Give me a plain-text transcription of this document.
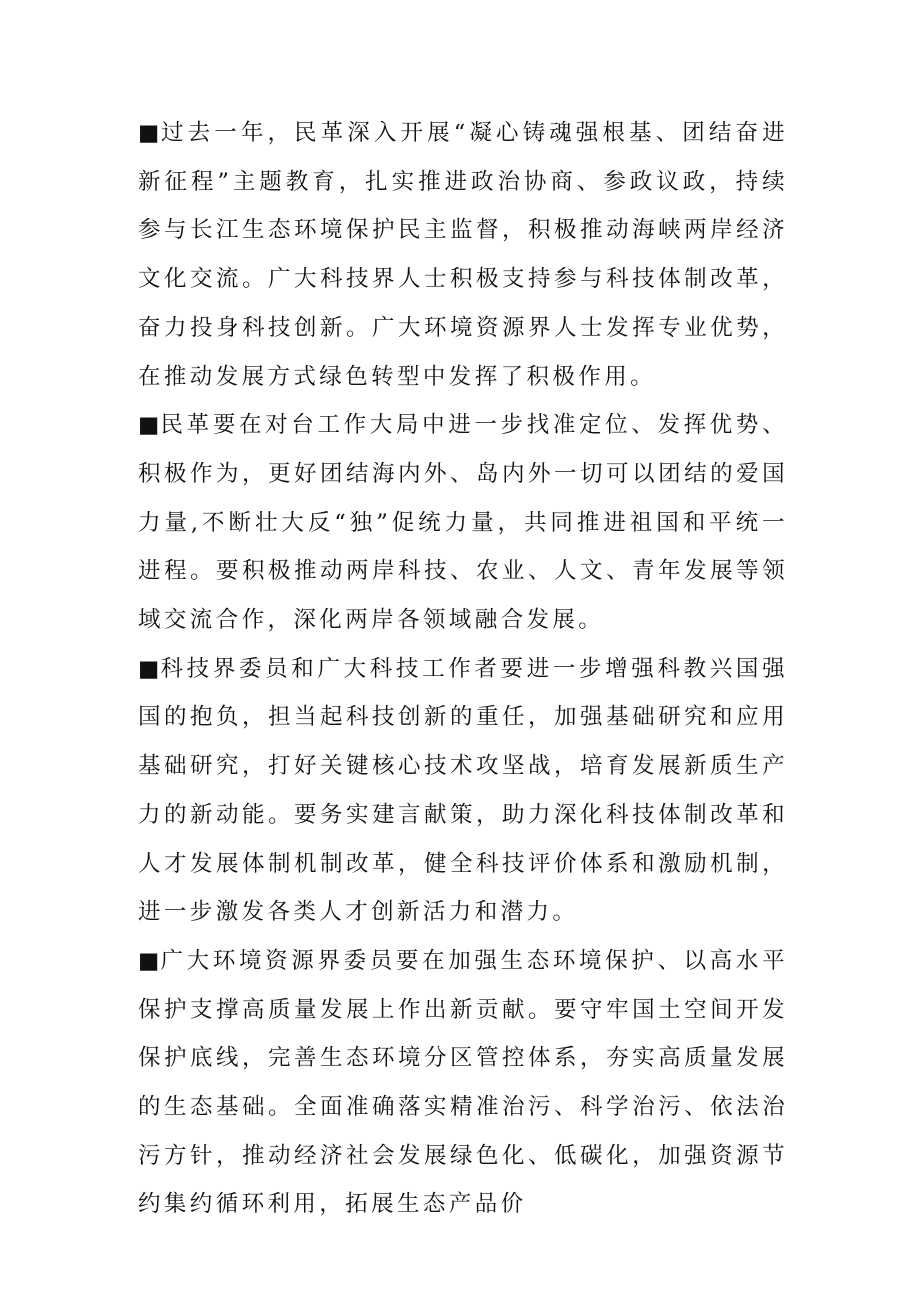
■过去一年，民革深入开展“凝心铸魂强根基、团结奋进新征程”主题教育，扎实推进政治协商、参政议政，持续参与长江生态环境保护民主监督，积极推动海峡两岸经济文化交流。广大科技界人士积极支持参与科技体制改革，奋力投身科技创新。广大环境资源界人士发挥专业优势，在推动发展方式绿色转型中发挥了积极作用。

■民革要在对台工作大局中进一步找准定位、发挥优势、积极作为，更好团结海内外、岛内外一切可以团结的爱国力量,不断壮大反“独”促统力量，共同推进祖国和平统一进程。要积极推动两岸科技、农业、人文、青年发展等领域交流合作，深化两岸各领域融合发展。

■科技界委员和广大科技工作者要进一步增强科教兴国强国的抱负，担当起科技创新的重任，加强基础研究和应用基础研究，打好关键核心技术攻坚战，培育发展新质生产力的新动能。要务实建言献策，助力深化科技体制改革和人才发展体制机制改革，健全科技评价体系和激励机制，进一步激发各类人才创新活力和潜力。

■广大环境资源界委员要在加强生态环境保护、以高水平保护支撑高质量发展上作出新贡献。要守牢国土空间开发保护底线，完善生态环境分区管控体系，夯实高质量发展的生态基础。全面准确落实精准治污、科学治污、依法治污方针，推动经济社会发展绿色化、低碳化，加强资源节约集约循环利用，拓展生态产品价
